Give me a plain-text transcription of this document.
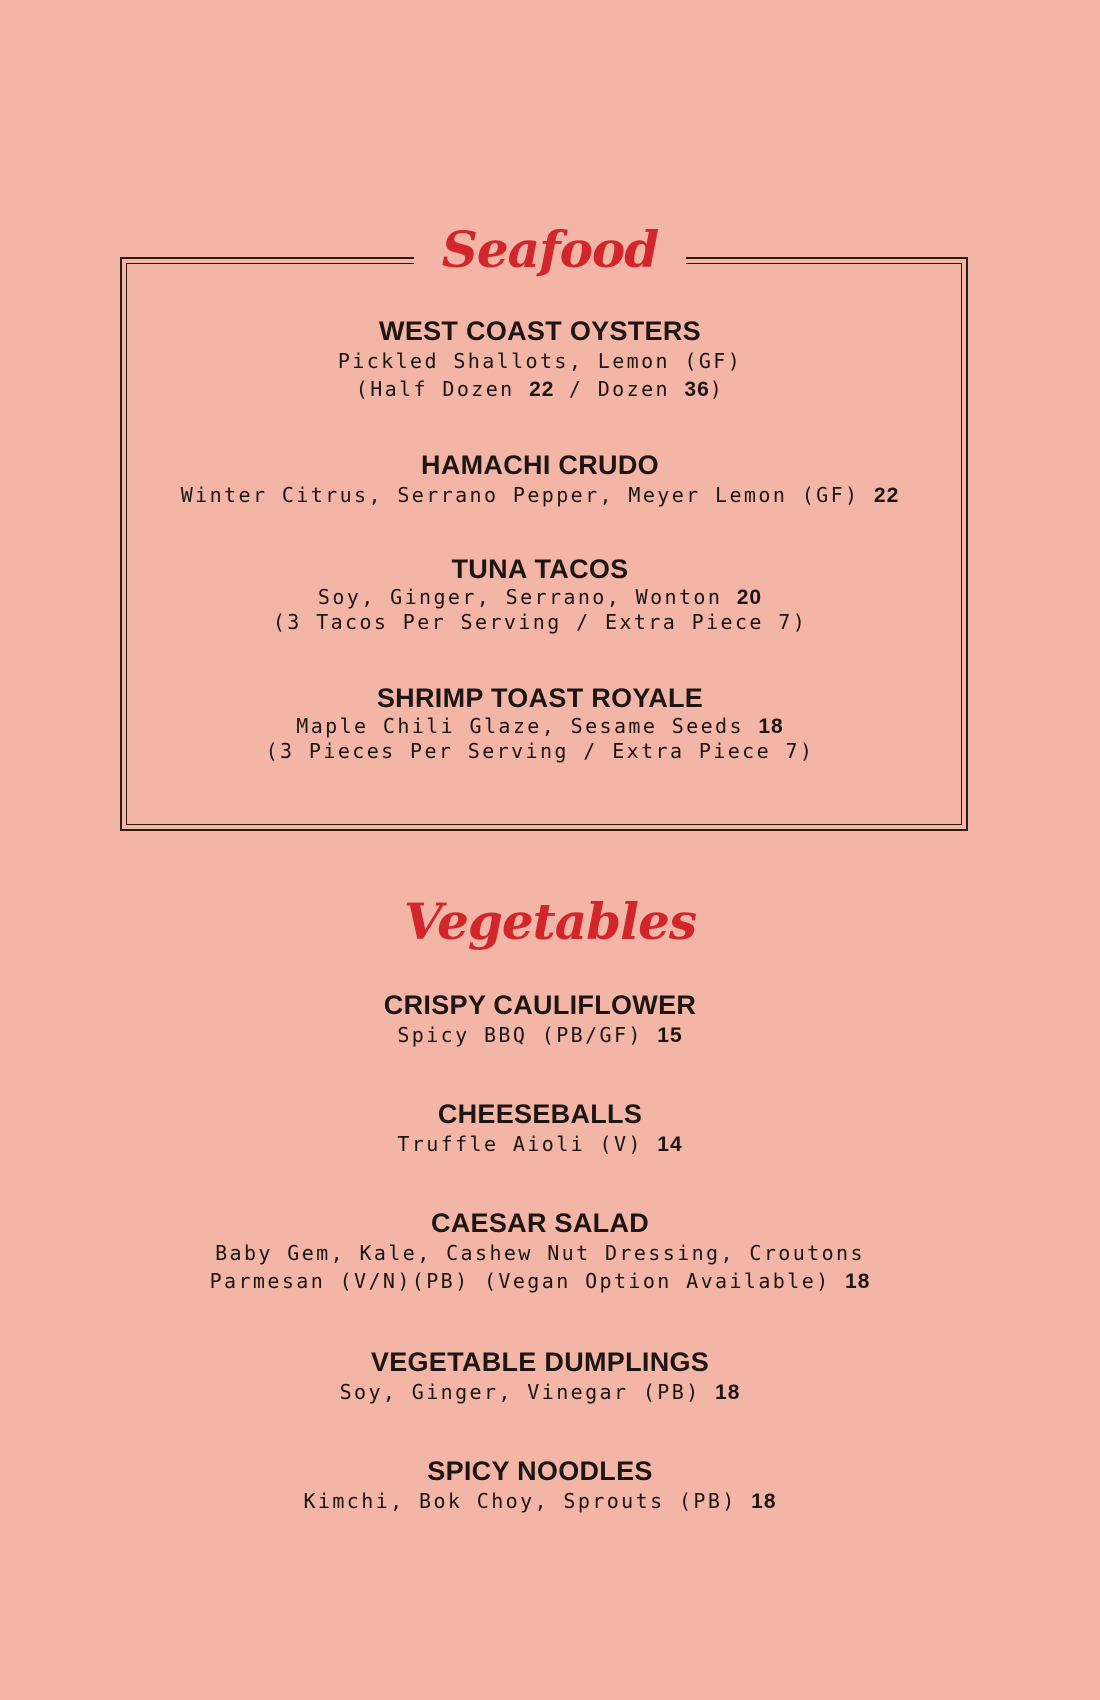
Seafood
WEST COAST OYSTERS
Pickled Shallots, Lemon (GF)
(Half Dozen 22 / Dozen 36)
HAMACHI CRUDO
Winter Citrus, Serrano Pepper, Meyer Lemon (GF) 22
TUNA TACOS
Soy, Ginger, Serrano, Wonton 20
(3 Tacos Per Serving / Extra Piece 7)
SHRIMP TOAST ROYALE
Maple Chili Glaze, Sesame Seeds 18
(3 Pieces Per Serving / Extra Piece 7)
Vegetables
CRISPY CAULIFLOWER
Spicy BBQ (PB/GF) 15
CHEESEBALLS
Truffle Aioli (V) 14
CAESAR SALAD
Baby Gem, Kale, Cashew Nut Dressing, Croutons
Parmesan (V/N)(PB) (Vegan Option Available) 18
VEGETABLE DUMPLINGS
Soy, Ginger, Vinegar (PB) 18
SPICY NOODLES
Kimchi, Bok Choy, Sprouts (PB) 18
